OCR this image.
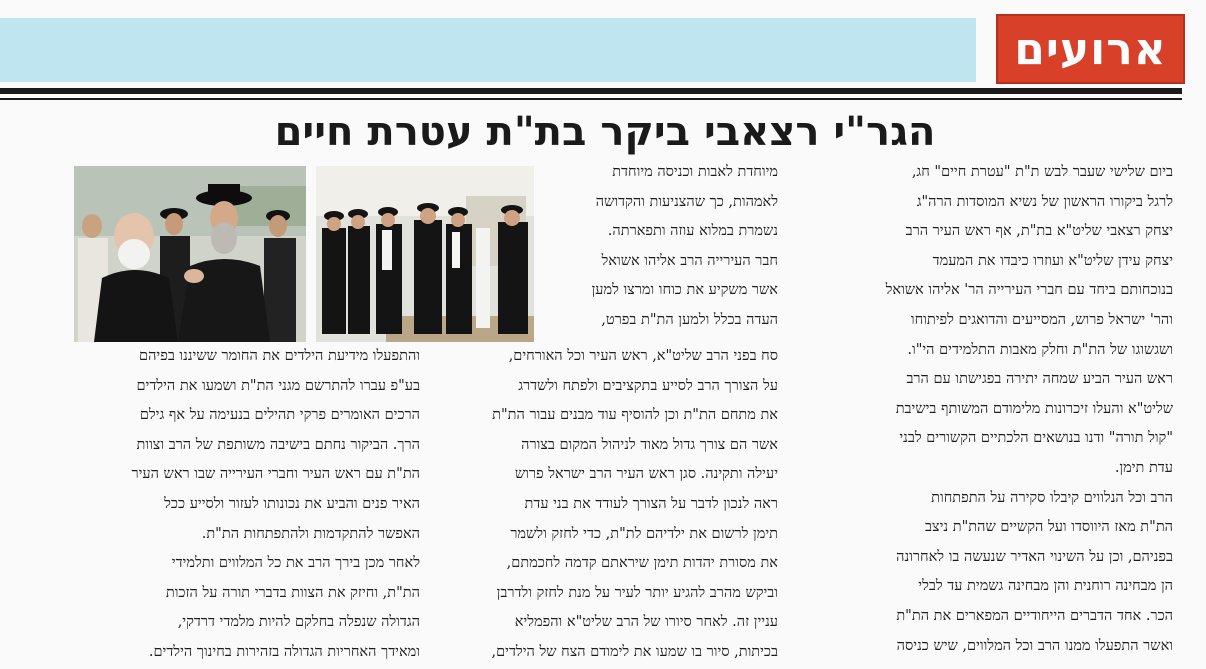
ארועים
הגר"י רצאבי ביקר בת"ת עטרת חיים

ביום שלישי שעבר לבש ת"ת "עטרת חיים" חג,

לרגל ביקורו הראשון של נשיא המוסדות הרה"ג

יצחק רצאבי שליט"א בת"ת, אף ראש העיר הרב

יצחק עידן שליט"א ועוזרו כיבדו את המעמד

בנוכחותם ביחד עם חברי העירייה הר' אליהו אשואל

והר' ישראל פרוש, המסייעים והדואגים לפיתוחו

ושגשוגו של הת"ת וחלק מאבות התלמידים הי"ו.

ראש העיר הביע שמחה יתירה בפגישתו עם הרב

שליט"א והעלו זיכרונות מלימודם המשותף בישיבת

"קול תורה" ודנו בנושאים הלכתיים הקשורים לבני

עדת תימן.

הרב וכל הנלווים קיבלו סקירה על התפתחות

הת"ת מאז היווסדו ועל הקשיים שהת"ת ניצב

בפניהם, וכן על השינוי האדיר שנעשה בו לאחרונה

הן מבחינה רוחנית והן מבחינה גשמית עד לבלי

הכר. אחד הדברים הייחודיים המפארים את הת"ת

ואשר התפעלו ממנו הרב וכל המלווים, שיש כניסה

מיוחדת לאבות וכניסה מיוחדת

לאמהות, כך שהצניעות והקדושה

נשמרת במלוא עוזה ותפארתה.

חבר העירייה הרב אליהו אשואל

אשר משקיע את כוחו ומרצו למען

העדה בכלל ולמען הת"ת בפרט,

סח בפני הרב שליט"א, ראש העיר וכל האורחים,

על הצורך הרב לסייע בתקציבים ולפתח ולשדרג

את מתחם הת"ת וכן להוסיף עוד מבנים עבור הת"ת

אשר הם צורך גדול מאוד לניהול המקום בצורה

יעילה ותקינה. סגן ראש העיר הרב ישראל פרוש

ראה לנכון לדבר על הצורך לעודד את בני עדת

תימן לרשום את ילדיהם לת"ת, כדי לחזק ולשמר

את מסורת יהדות תימן שיראתם קדמה לחכמתם,

וביקש מהרב להגיע יותר לעיר על מנת לחזק ולדרבן

עניין זה. לאחר סיורו של הרב שליט"א והפמליא

בכיתות, סיור בו שמעו את לימודם הצח של הילדים,

והתפעלו מידיעת הילדים את החומר ששיננו בפיהם

בע"פ עברו להתרשם מגני הת"ת ושמעו את הילדים

הרכים האומרים פרקי תהילים בנעימה על אף גילם

הרך. הביקור נחתם בישיבה משותפת של הרב וצוות

הת"ת עם ראש העיר וחברי העירייה שבו ראש העיר

האיר פנים והביע את נכונותו לעזור ולסייע ככל

האפשר להתקדמות ולהתפתחות הת"ת.

לאחר מכן בירך הרב את כל המלווים ותלמידי

הת"ת, וחיזק את הצוות בדברי תורה על הזכות

הגדולה שנפלה בחלקם להיות מלמדי דרדקי,

ומאידך האחריות הגדולה בזהירות בחינוך הילדים.
